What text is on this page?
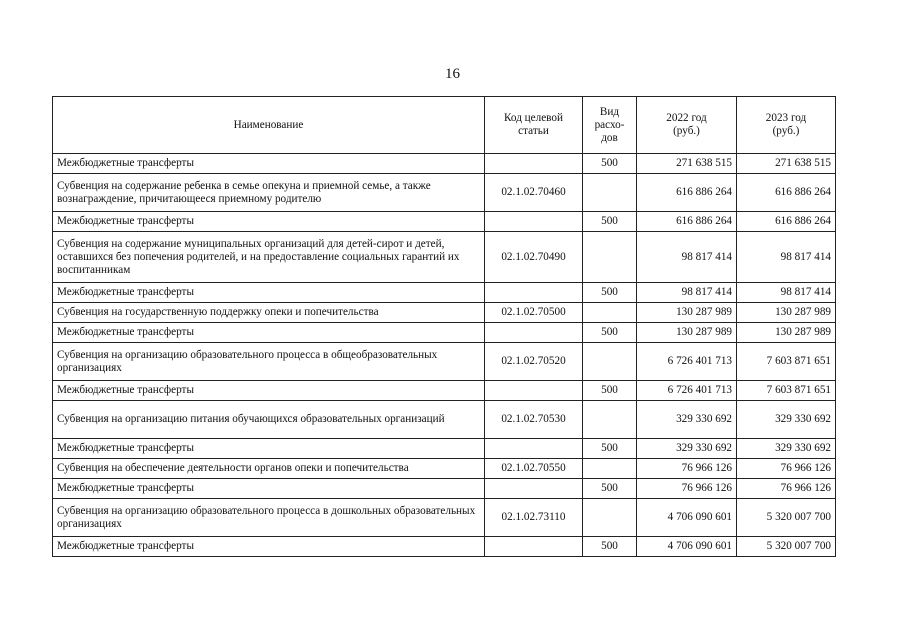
16
Наименование	Код целевой статьи	Вид расхо-дов	2022 год (руб.)	2023 год (руб.)
Межбюджетные трансферты		500	271 638 515	271 638 515
Субвенция на содержание ребенка в семье опекуна и приемной семье, а также вознаграждение, причитающееся приемному родителю	02.1.02.70460		616 886 264	616 886 264
Межбюджетные трансферты		500	616 886 264	616 886 264
Субвенция на содержание муниципальных организаций для детей-сирот и детей, оставшихся без попечения родителей, и на предоставление социальных гарантий их воспитанникам	02.1.02.70490		98 817 414	98 817 414
Межбюджетные трансферты		500	98 817 414	98 817 414
Субвенция на государственную поддержку опеки и попечительства	02.1.02.70500		130 287 989	130 287 989
Межбюджетные трансферты		500	130 287 989	130 287 989
Субвенция на организацию образовательного процесса в общеобразовательных организациях	02.1.02.70520		6 726 401 713	7 603 871 651
Межбюджетные трансферты		500	6 726 401 713	7 603 871 651
Субвенция на организацию питания обучающихся образовательных организаций	02.1.02.70530		329 330 692	329 330 692
Межбюджетные трансферты		500	329 330 692	329 330 692
Субвенция на обеспечение деятельности органов опеки и попечительства	02.1.02.70550		76 966 126	76 966 126
Межбюджетные трансферты		500	76 966 126	76 966 126
Субвенция на организацию образовательного процесса в дошкольных образовательных организациях	02.1.02.73110		4 706 090 601	5 320 007 700
Межбюджетные трансферты		500	4 706 090 601	5 320 007 700
